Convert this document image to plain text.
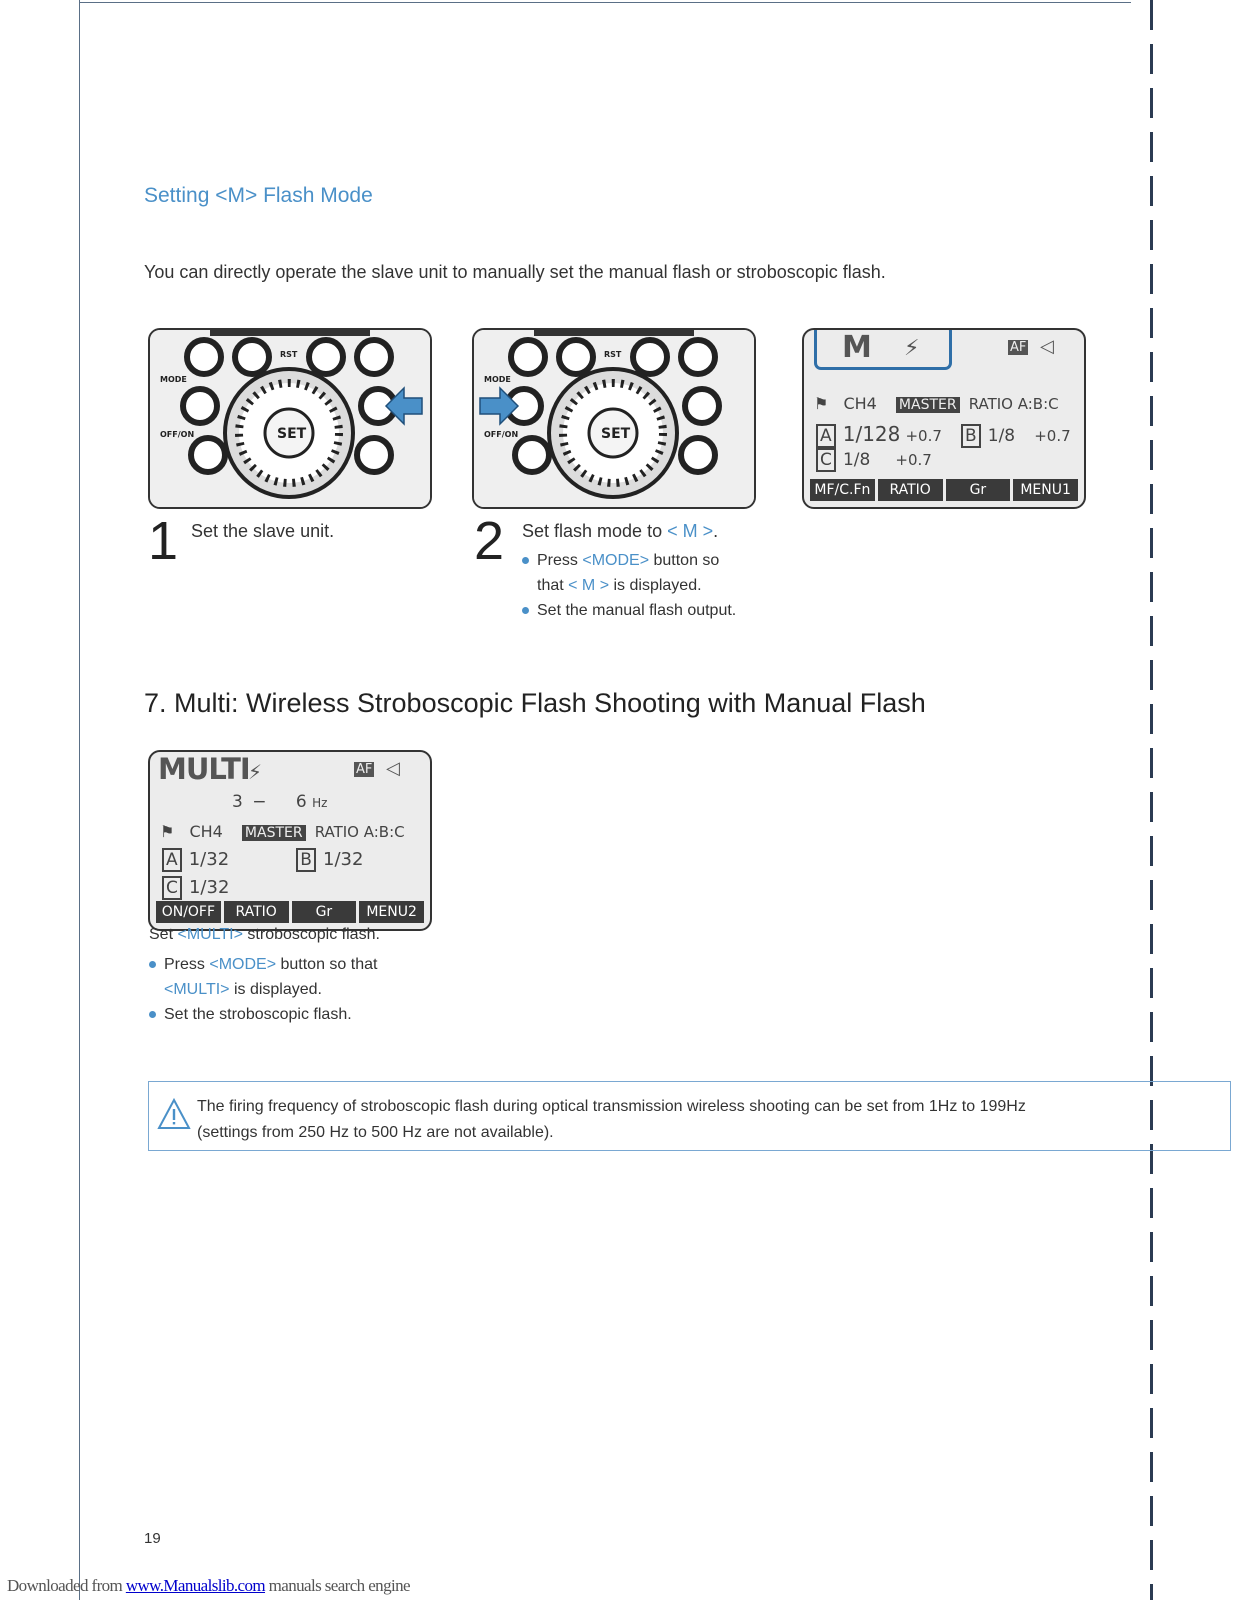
Setting <M> Flash Mode
You can directly operate the slave unit to manually set the manual flash or stroboscopic flash.
MODE
RST
OFF/ON	SET
MODE
RST
OFF/ON	SET
M ⚡	AF ◁
⚑ CH4 MASTER RATIO A:B:C
A 1/128 +0.7 B 1/8 +0.7
C 1/8 +0.7
MF/C.Fn	RATIO	Gr	MENU1
1 Set the slave unit.	2 Set flash mode to < M >.
Press <MODE> button so
that < M > is displayed.
Set the manual flash output.
7. Multi: Wireless Stroboscopic Flash Shooting with Manual Flash
MULTI
⚡	AF ◁
3 − 6 Hz
⚑ CH4 MASTER RATIO A:B:C
A 1/32	B 1/32
C 1/32
ON/OFF	RATIO	Gr	MENU2
Set <MULTI> stroboscopic flash.
Press <MODE> button so that
<MULTI> is displayed.
Set the stroboscopic flash.
The firing frequency of stroboscopic flash during optical transmission wireless shooting can be set from 1Hz to 199Hz (settings from 250 Hz to 500 Hz are not available).
19
Downloaded from www.Manualslib.com manuals search engine
